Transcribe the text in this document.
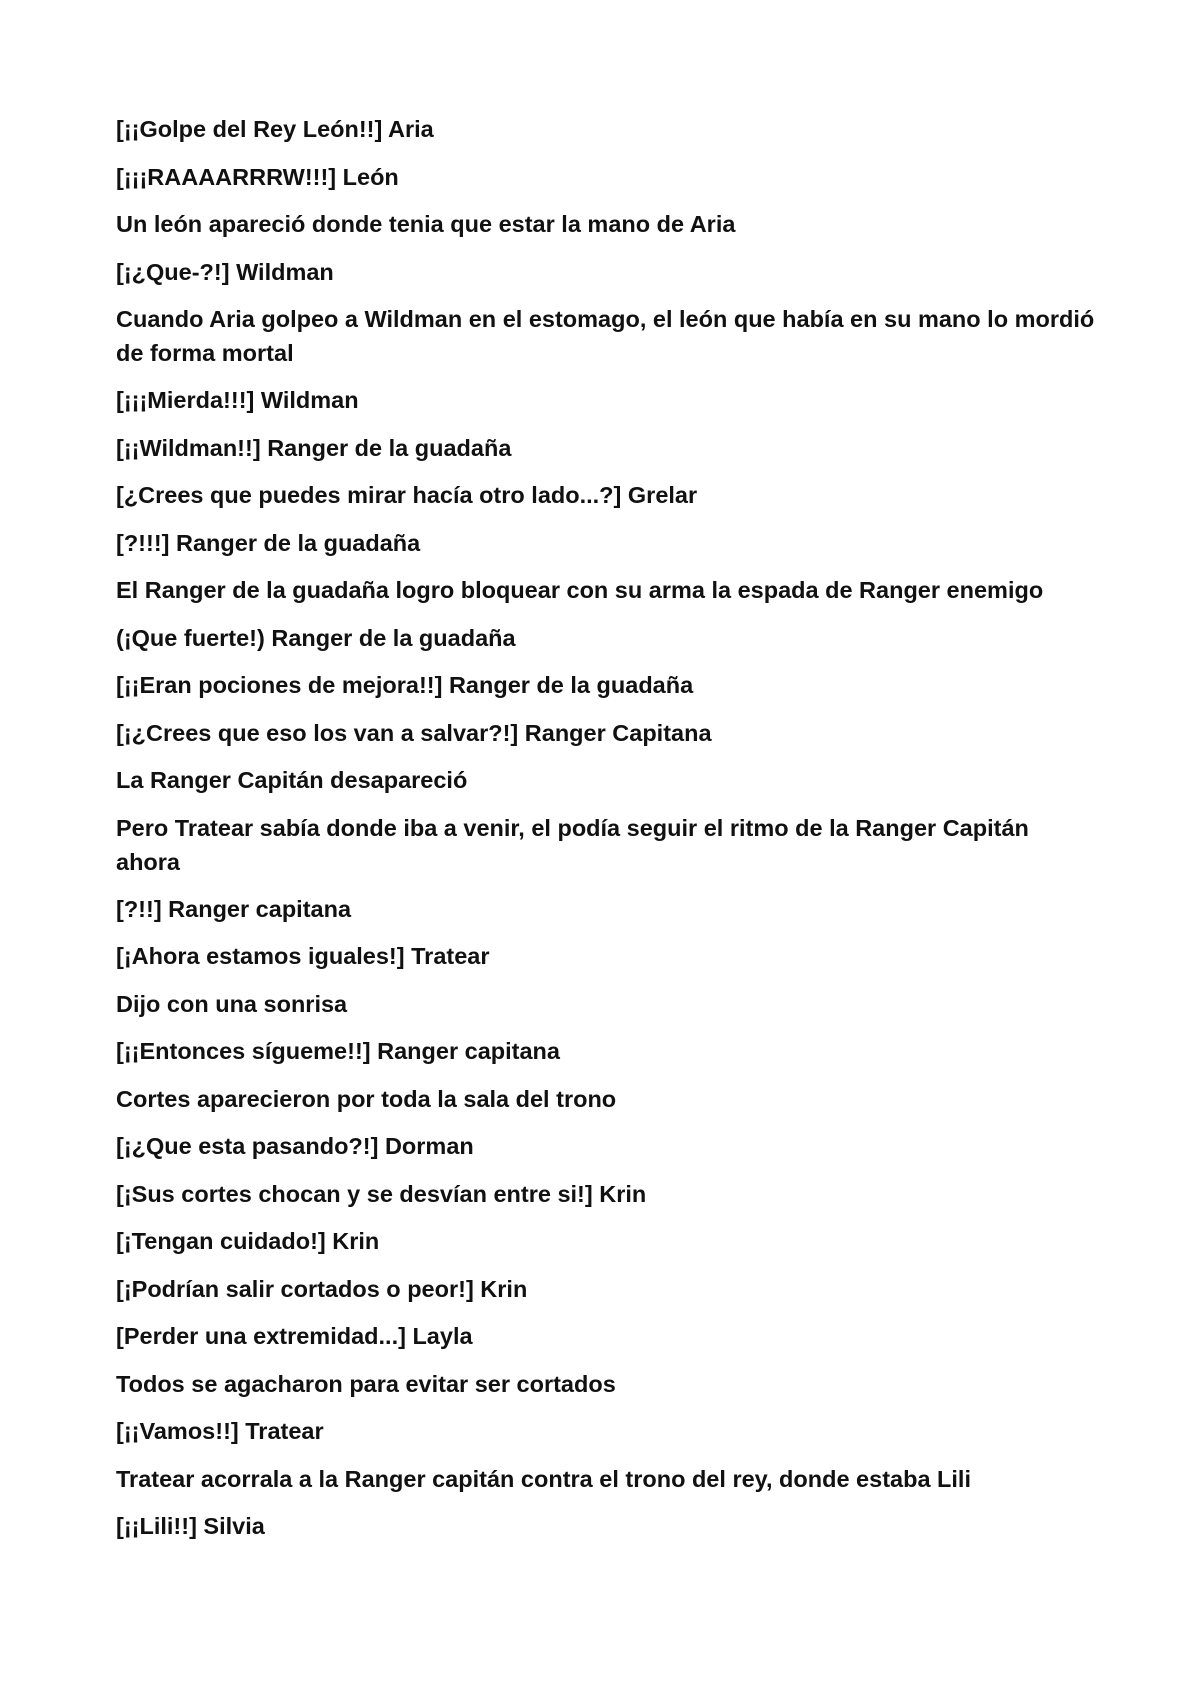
[¡¡Golpe del Rey León!!] Aria

[¡¡¡RAAAARRRW!!!] León

Un león apareció donde tenia que estar la mano de Aria

[¡¿Que-?!] Wildman

Cuando Aria golpeo a Wildman en el estomago, el león que había en su mano lo mordió de forma mortal

[¡¡¡Mierda!!!] Wildman

[¡¡Wildman!!] Ranger de la guadaña

[¿Crees que puedes mirar hacía otro lado...?] Grelar

[?!!!] Ranger de la guadaña

El Ranger de la guadaña logro bloquear con su arma la espada de Ranger enemigo

(¡Que fuerte!) Ranger de la guadaña

[¡¡Eran pociones de mejora!!] Ranger de la guadaña

[¡¿Crees que eso los van a salvar?!] Ranger Capitana

La Ranger Capitán desapareció

Pero Tratear sabía donde iba a venir, el podía seguir el ritmo de la Ranger Capitán ahora

[?!!] Ranger capitana

[¡Ahora estamos iguales!] Tratear

Dijo con una sonrisa

[¡¡Entonces sígueme!!] Ranger capitana

Cortes aparecieron por toda la sala del trono

[¡¿Que esta pasando?!] Dorman

[¡Sus cortes chocan y se desvían entre si!] Krin

[¡Tengan cuidado!] Krin

[¡Podrían salir cortados o peor!] Krin

[Perder una extremidad...] Layla

Todos se agacharon para evitar ser cortados

[¡¡Vamos!!] Tratear

Tratear acorrala a la Ranger capitán contra el trono del rey, donde estaba Lili

[¡¡Lili!!] Silvia
